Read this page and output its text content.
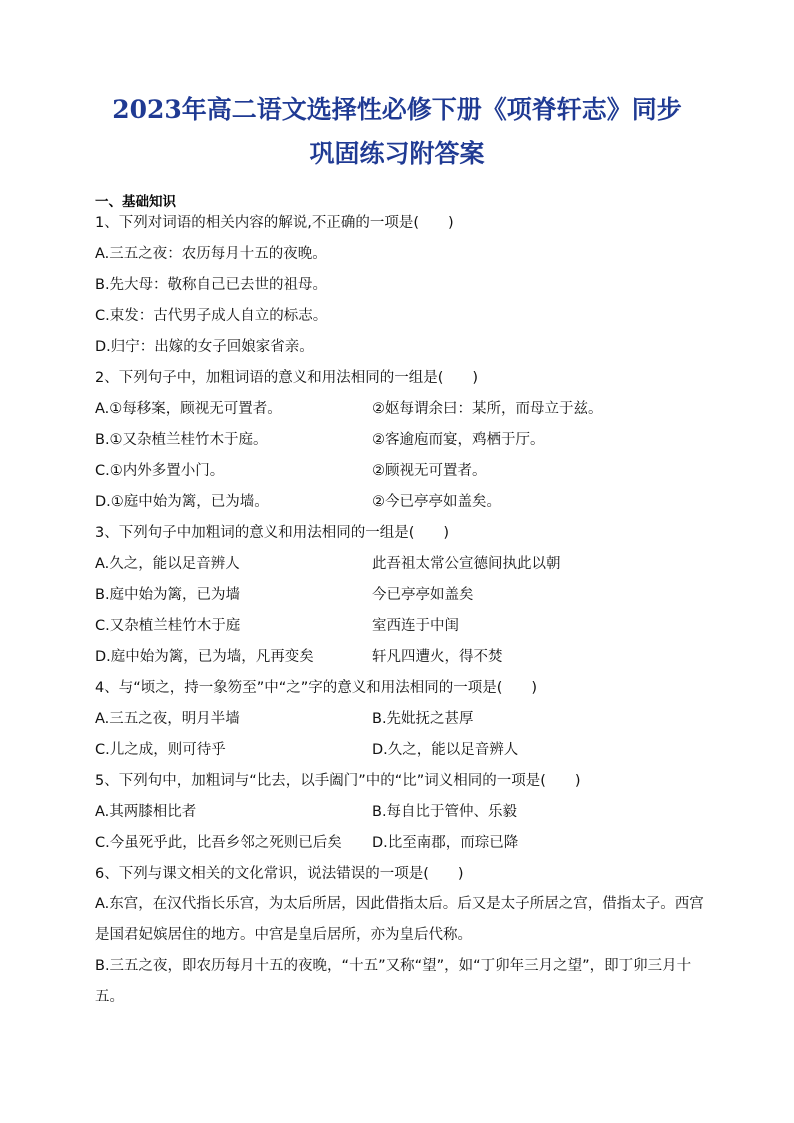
2023年高二语文选择性必修下册《项脊轩志》同步
巩固练习附答案
一、基础知识
1、下列对词语的相关内容的解说,不正确的一项是(　　)
A.三五之夜：农历每月十五的夜晚。
B.先大母：敬称自己已去世的祖母。
C.束发：古代男子成人自立的标志。
D.归宁：出嫁的女子回娘家省亲。
2、下列句子中，加粗词语的意义和用法相同的一组是(　　)
A.①每移案，顾视无可置者。	②妪每谓余曰：某所，而母立于兹。
B.①又杂植兰桂竹木于庭。	②客逾庖而宴，鸡栖于厅。
C.①内外多置小门。	②顾视无可置者。
D.①庭中始为篱，已为墙。	②今已亭亭如盖矣。
3、下列句子中加粗词的意义和用法相同的一组是(　　)
A.久之，能以足音辨人	此吾祖太常公宣德间执此以朝
B.庭中始为篱，已为墙	今已亭亭如盖矣
C.又杂植兰桂竹木于庭	室西连于中闺
D.庭中始为篱，已为墙，凡再变矣	轩凡四遭火，得不焚
4、与“顷之，持一象笏至”中“之”字的意义和用法相同的一项是(　　)
A.三五之夜，明月半墙	B.先妣抚之甚厚
C.儿之成，则可待乎	D.久之，能以足音辨人
5、下列句中，加粗词与“比去，以手阖门”中的“比”词义相同的一项是(　　)
A.其两膝相比者	B.每自比于管仲、乐毅
C.今虽死乎此，比吾乡邻之死则已后矣 D.比至南郡，而琮已降
6、下列与课文相关的文化常识，说法错误的一项是(　　)
A.东宫，在汉代指长乐宫，为太后所居，因此借指太后。后又是太子所居之宫，借指太子。西宫是国君妃嫔居住的地方。中宫是皇后居所，亦为皇后代称。
B.三五之夜，即农历每月十五的夜晚，“十五”又称“望”，如“丁卯年三月之望”，即丁卯三月十五。
